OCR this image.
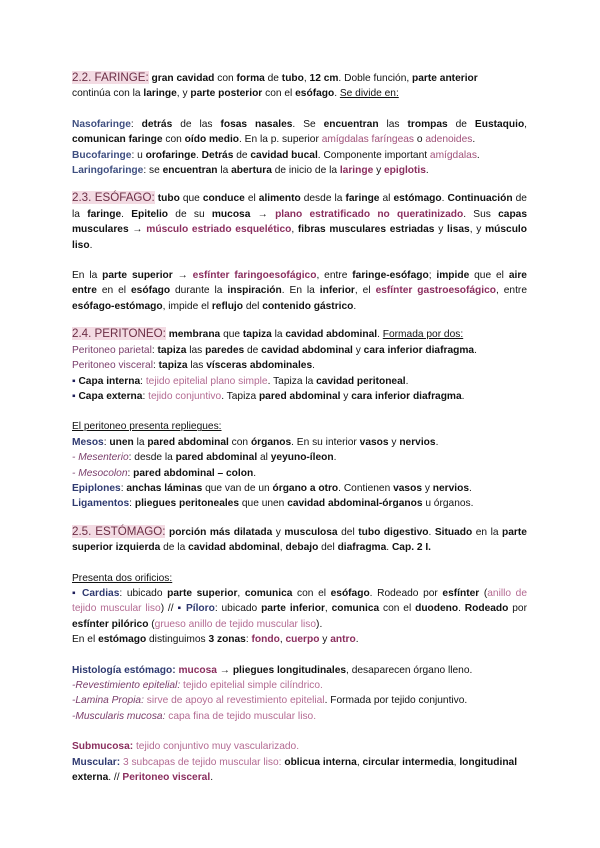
2.2. FARINGE: gran cavidad con forma de tubo, 12 cm. Doble función, parte anterior
continúa con la laringe, y parte posterior con el esófago. Se divide en:

Nasofaringe: detrás de las fosas nasales. Se encuentran las trompas de Eustaquio, comunican faringe con oído medio. En la p. superior amígdalas faríngeas o adenoides.

Bucofaringe: u orofaringe. Detrás de cavidad bucal. Componente important amígdalas.

Laringofaringe: se encuentran la abertura de inicio de la laringe y epiglotis.

2.3. ESÓFAGO: tubo que conduce el alimento desde la faringe al estómago. Continuación de la faringe. Epitelio de su mucosa → plano estratificado no queratinizado. Sus capas musculares → músculo estriado esquelético, fibras musculares estriadas y lisas, y músculo liso.

En la parte superior → esfínter faringoesofágico, entre faringe-esófago; impide que el aire entre en el esófago durante la inspiración. En la inferior, el esfínter gastroesofágico, entre esófago-estómago, impide el reflujo del contenido gástrico.

2.4. PERITONEO: membrana que tapiza la cavidad abdominal. Formada por dos:

Peritoneo parietal: tapiza las paredes de cavidad abdominal y cara inferior diafragma.

Peritoneo visceral: tapiza las vísceras abdominales.

▪ Capa interna: tejido epitelial plano simple. Tapiza la cavidad peritoneal.

▪ Capa externa: tejido conjuntivo. Tapiza pared abdominal y cara inferior diafragma.

El peritoneo presenta repliegues:

Mesos: unen la pared abdominal con órganos. En su interior vasos y nervios.

- Mesenterio: desde la pared abdominal al yeyuno-íleon.

- Mesocolon: pared abdominal – colon.

Epiplones: anchas láminas que van de un órgano a otro. Contienen vasos y nervios.

Ligamentos: pliegues peritoneales que unen cavidad abdominal-órganos u órganos.

2.5. ESTÓMAGO: porción más dilatada y musculosa del tubo digestivo. Situado en la parte superior izquierda de la cavidad abdominal, debajo del diafragma. Cap. 2 I.

Presenta dos orificios:

▪ Cardias: ubicado parte superior, comunica con el esófago. Rodeado por esfínter (anillo de tejido muscular liso) // ▪ Píloro: ubicado parte inferior, comunica con el duodeno. Rodeado por esfínter pilórico (grueso anillo de tejido muscular liso).

En el estómago distinguimos 3 zonas: fondo, cuerpo y antro.

Histología estómago: mucosa → pliegues longitudinales, desaparecen órgano lleno.

-Revestimiento epitelial: tejido epitelial simple cilíndrico.

-Lamina Propia: sirve de apoyo al revestimiento epitelial. Formada por tejido conjuntivo.

-Muscularis mucosa: capa fina de tejido muscular liso.

Submucosa: tejido conjuntivo muy vascularizado.

Muscular: 3 subcapas de tejido muscular liso: oblicua interna, circular intermedia, longitudinal externa. // Peritoneo visceral.
